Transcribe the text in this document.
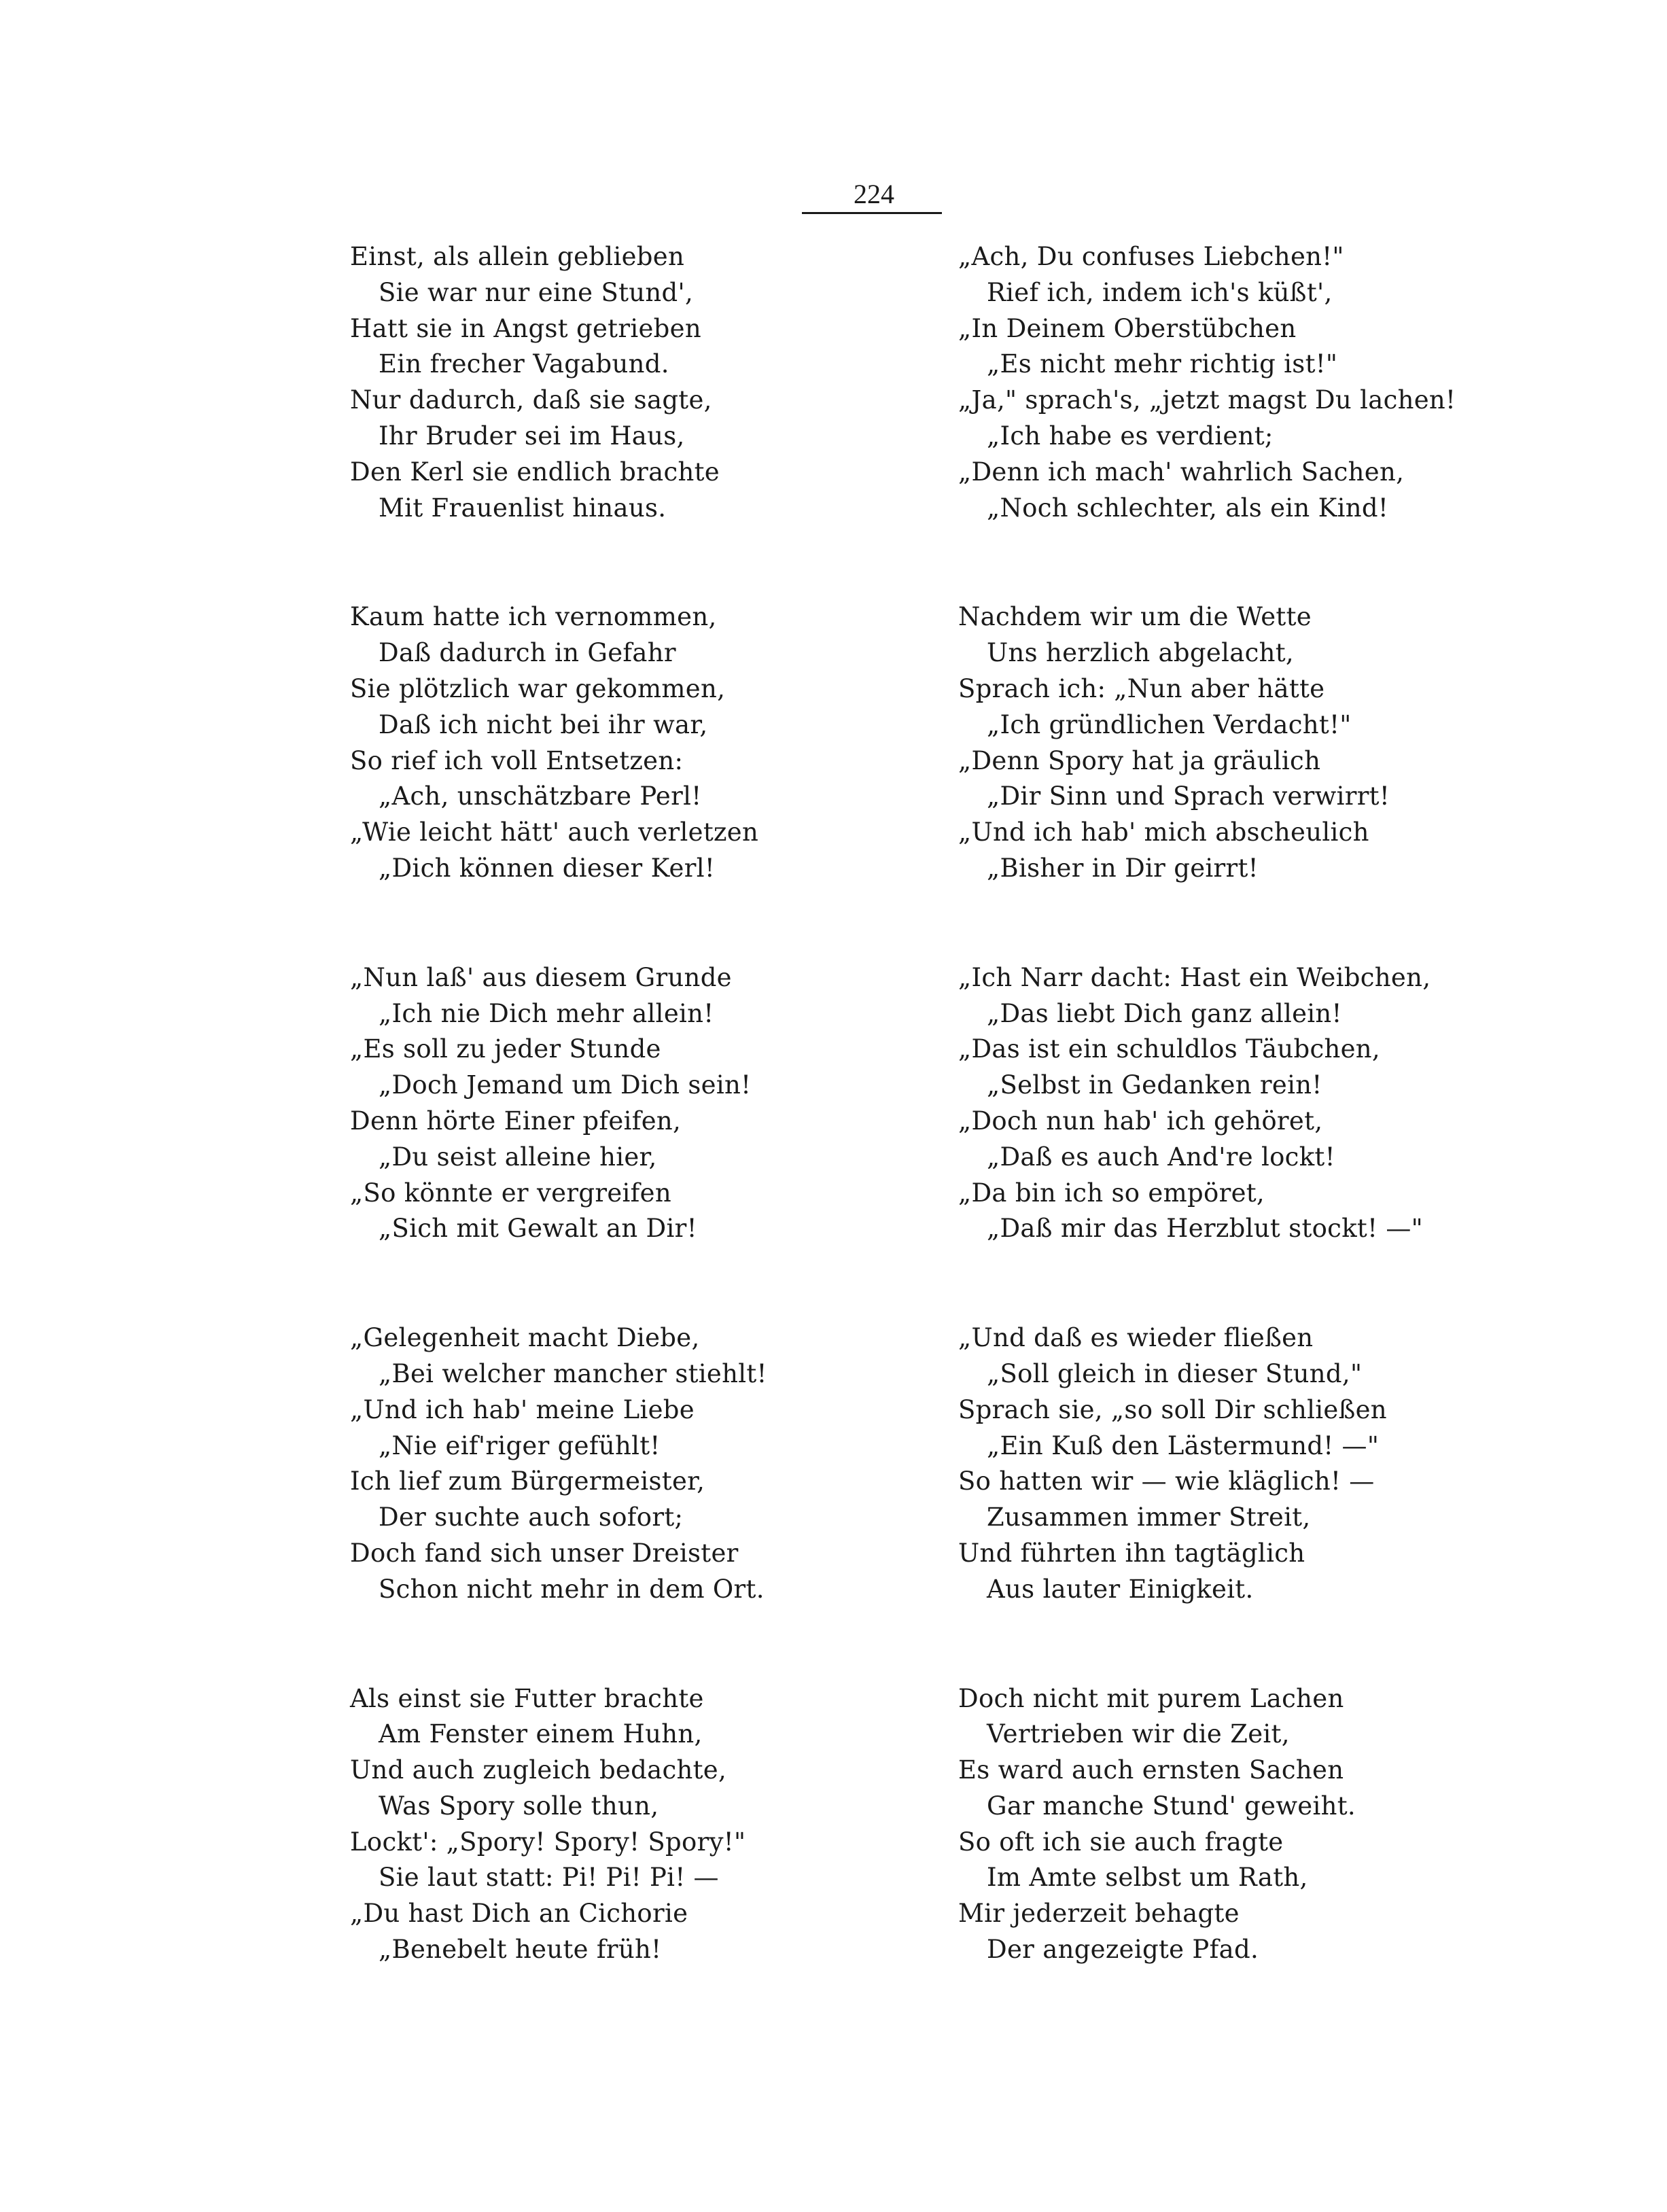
224
Einst, als allein geblieben
Sie war nur eine Stund',
Hatt sie in Angst getrieben
Ein frecher Vagabund.
Nur dadurch, daß sie sagte,
Ihr Bruder sei im Haus,
Den Kerl sie endlich brachte
Mit Frauenlist hinaus.
Kaum hatte ich vernommen,
Daß dadurch in Gefahr
Sie plötzlich war gekommen,
Daß ich nicht bei ihr war,
So rief ich voll Entsetzen:
„Ach, unschätzbare Perl!
„Wie leicht hätt' auch verletzen
„Dich können dieser Kerl!
„Nun laß' aus diesem Grunde
„Ich nie Dich mehr allein!
„Es soll zu jeder Stunde
„Doch Jemand um Dich sein!
Denn hörte Einer pfeifen,
„Du seist alleine hier,
„So könnte er vergreifen
„Sich mit Gewalt an Dir!
„Gelegenheit macht Diebe,
„Bei welcher mancher stiehlt!
„Und ich hab' meine Liebe
„Nie eif'riger gefühlt!
Ich lief zum Bürgermeister,
Der suchte auch sofort;
Doch fand sich unser Dreister
Schon nicht mehr in dem Ort.
Als einst sie Futter brachte
Am Fenster einem Huhn,
Und auch zugleich bedachte,
Was Spory solle thun,
Lockt': „Spory! Spory! Spory!"
Sie laut statt: Pi! Pi! Pi! —
„Du hast Dich an Cichorie
„Benebelt heute früh!
„Ach, Du confuses Liebchen!"
Rief ich, indem ich's küßt',
„In Deinem Oberstübchen
„Es nicht mehr richtig ist!"
„Ja," sprach's, „jetzt magst Du lachen!
„Ich habe es verdient;
„Denn ich mach' wahrlich Sachen,
„Noch schlechter, als ein Kind!
Nachdem wir um die Wette
Uns herzlich abgelacht,
Sprach ich: „Nun aber hätte
„Ich gründlichen Verdacht!"
„Denn Spory hat ja gräulich
„Dir Sinn und Sprach verwirrt!
„Und ich hab' mich abscheulich
„Bisher in Dir geirrt!
„Ich Narr dacht: Hast ein Weibchen,
„Das liebt Dich ganz allein!
„Das ist ein schuldlos Täubchen,
„Selbst in Gedanken rein!
„Doch nun hab' ich gehöret,
„Daß es auch And're lockt!
„Da bin ich so empöret,
„Daß mir das Herzblut stockt! —"
„Und daß es wieder fließen
„Soll gleich in dieser Stund,"
Sprach sie, „so soll Dir schließen
„Ein Kuß den Lästermund! —"
So hatten wir — wie kläglich! —
Zusammen immer Streit,
Und führten ihn tagtäglich
Aus lauter Einigkeit.
Doch nicht mit purem Lachen
Vertrieben wir die Zeit,
Es ward auch ernsten Sachen
Gar manche Stund' geweiht.
So oft ich sie auch fragte
Im Amte selbst um Rath,
Mir jederzeit behagte
Der angezeigte Pfad.
